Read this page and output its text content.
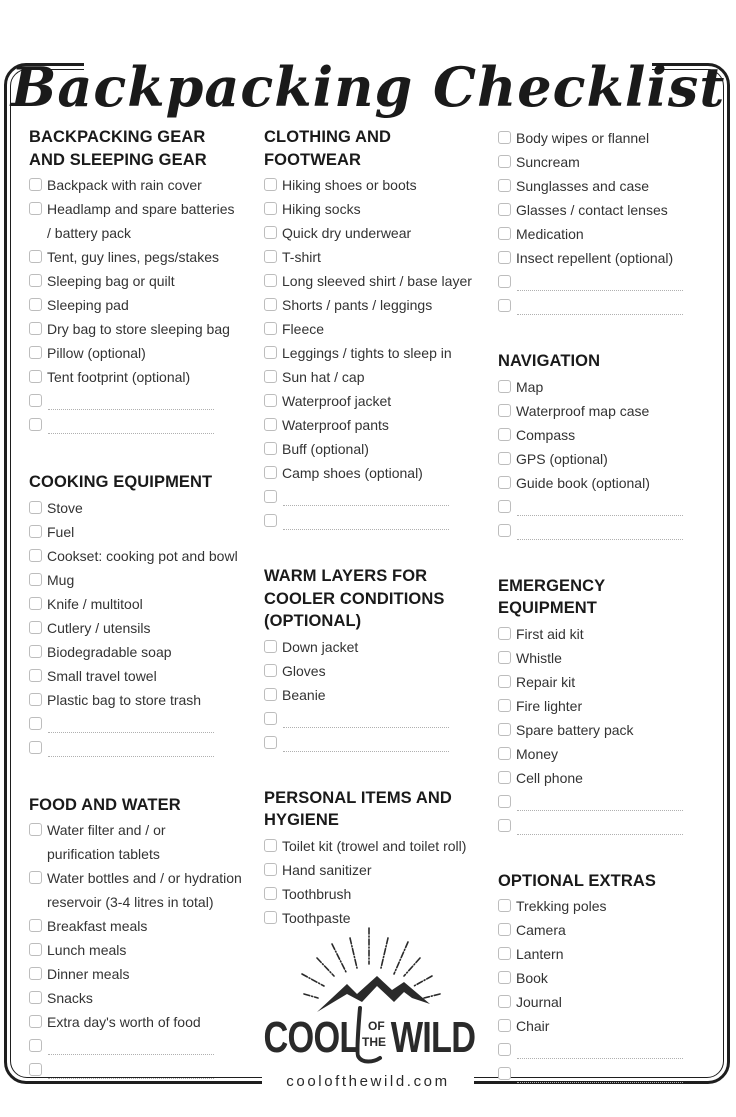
Backpacking Checklist
BACKPACKING GEAR
AND SLEEPING GEAR
Backpack with rain cover
Headlamp and spare batteries / battery pack
Tent, guy lines, pegs/stakes
Sleeping bag or quilt
Sleeping pad
Dry bag to store sleeping bag
Pillow (optional)
Tent footprint (optional)
COOKING EQUIPMENT
Stove
Fuel
Cookset: cooking pot and bowl
Mug
Knife / multitool
Cutlery / utensils
Biodegradable soap
Small travel towel
Plastic bag to store trash
FOOD AND WATER
Water filter and / or purification tablets
Water bottles and / or hydration reservoir (3-4 litres in total)
Breakfast meals
Lunch meals
Dinner meals
Snacks
Extra day's worth of food
CLOTHING AND
FOOTWEAR
Hiking shoes or boots
Hiking socks
Quick dry underwear
T-shirt
Long sleeved shirt / base layer
Shorts / pants / leggings
Fleece
Leggings / tights to sleep in
Sun hat / cap
Waterproof jacket
Waterproof pants
Buff (optional)
Camp shoes (optional)
WARM LAYERS FOR
COOLER CONDITIONS
(OPTIONAL)
Down jacket
Gloves
Beanie
PERSONAL ITEMS AND
HYGIENE
Toilet kit (trowel and toilet roll)
Hand sanitizer
Toothbrush
Toothpaste
Body wipes or flannel
Suncream
Sunglasses and case
Glasses / contact lenses
Medication
Insect repellent (optional)
NAVIGATION
Map
Waterproof map case
Compass
GPS (optional)
Guide book (optional)
EMERGENCY
EQUIPMENT
First aid kit
Whistle
Repair kit
Fire lighter
Spare battery pack
Money
Cell phone
OPTIONAL EXTRAS
Trekking poles
Camera
Lantern
Book
Journal
Chair
COOL OF
THE WILD
coolofthewild.com
